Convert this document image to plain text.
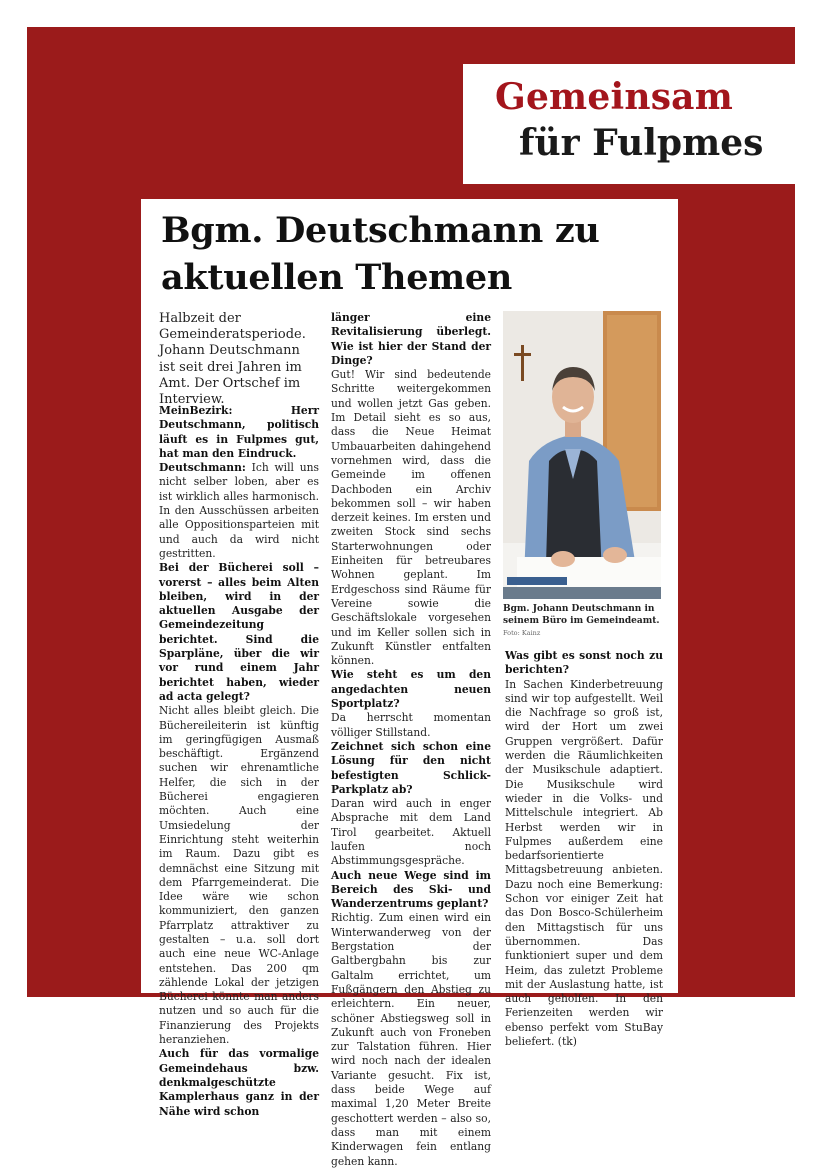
Gemeinsam
für Fulpmes
Bgm. Deutschmann zu aktuellen Themen
Halbzeit der Gemeinderatsperiode. Johann Deutschmann ist seit drei Jahren im Amt. Der Ortschef im Interview.

MeinBezirk: Herr Deutschmann, politisch läuft es in Fulpmes gut, hat man den Eindruck.

Deutschmann: Ich will uns nicht selber loben, aber es ist wirklich alles harmonisch. In den Ausschüssen arbeiten alle Oppositionsparteien mit und auch da wird nicht gestritten.

Bei der Bücherei soll – vorerst – alles beim Alten bleiben, wird in der aktuellen Ausgabe der Gemeindezeitung berichtet. Sind die Sparpläne, über die wir vor rund einem Jahr berichtet haben, wieder ad acta gelegt?

Nicht alles bleibt gleich. Die Büchereileiterin ist künftig im geringfügigen Ausmaß beschäftigt. Ergänzend suchen wir ehrenamtliche Helfer, die sich in der Bücherei engagieren möchten. Auch eine Umsiedelung der Einrichtung steht weiterhin im Raum. Dazu gibt es demnächst eine Sitzung mit dem Pfarrgemeinderat. Die Idee wäre wie schon kommuniziert, den ganzen Pfarrplatz attraktiver zu gestalten – u.a. soll dort auch eine neue WC-Anlage entstehen. Das 200 qm zählende Lokal der jetzigen Bücherei könnte man anders nutzen und so auch für die Finanzierung des Projekts heranziehen.

Auch für das vormalige Gemeindehaus bzw. denkmalgeschützte Kamplerhaus ganz in der Nähe wird schon

länger eine Revitalisierung überlegt. Wie ist hier der Stand der Dinge?

Gut! Wir sind bedeutende Schritte weitergekommen und wollen jetzt Gas geben. Im Detail sieht es so aus, dass die Neue Heimat Umbauarbeiten dahingehend vornehmen wird, dass die Gemeinde im offenen Dachboden ein Archiv bekommen soll – wir haben derzeit keines. Im ersten und zweiten Stock sind sechs Starterwohnungen oder Einheiten für betreubares Wohnen geplant. Im Erdgeschoss sind Räume für Vereine sowie die Geschäftslokale vorgesehen und im Keller sollen sich in Zukunft Künstler entfalten können.

Wie steht es um den angedachten neuen Sportplatz?

Da herrscht momentan völliger Stillstand.

Zeichnet sich schon eine Lösung für den nicht befestigten Schlick-Parkplatz ab?

Daran wird auch in enger Absprache mit dem Land Tirol gearbeitet. Aktuell laufen noch Abstimmungsgespräche.

Auch neue Wege sind im Bereich des Ski- und Wanderzentrums geplant?

Richtig. Zum einen wird ein Winterwanderweg von der Bergstation der Galtbergbahn bis zur Galtalm errichtet, um Fußgängern den Abstieg zu erleichtern. Ein neuer, schöner Abstiegsweg soll in Zukunft auch von Froneben zur Talstation führen. Hier wird noch nach der idealen Variante gesucht. Fix ist, dass beide Wege auf maximal 1,20 Meter Breite geschottert werden – also so, dass man mit einem Kinderwagen fein entlang gehen kann.

Bgm. Johann Deutschmann in seinem Büro im Gemeindeamt. Foto: Kainz

Was gibt es sonst noch zu berichten?

In Sachen Kinderbetreuung sind wir top aufgestellt. Weil die Nachfrage so groß ist, wird der Hort um zwei Gruppen vergrößert. Dafür werden die Räumlichkeiten der Musikschule adaptiert. Die Musikschule wird wieder in die Volks- und Mittelschule integriert. Ab Herbst werden wir in Fulpmes außerdem eine bedarfsorientierte Mittagsbetreuung anbieten. Dazu noch eine Bemerkung: Schon vor einiger Zeit hat das Don Bosco-Schülerheim den Mittagstisch für uns übernommen. Das funktioniert super und dem Heim, das zuletzt Probleme mit der Auslastung hatte, ist auch geholfen. In den Ferienzeiten werden wir ebenso perfekt vom StuBay beliefert. (tk)
